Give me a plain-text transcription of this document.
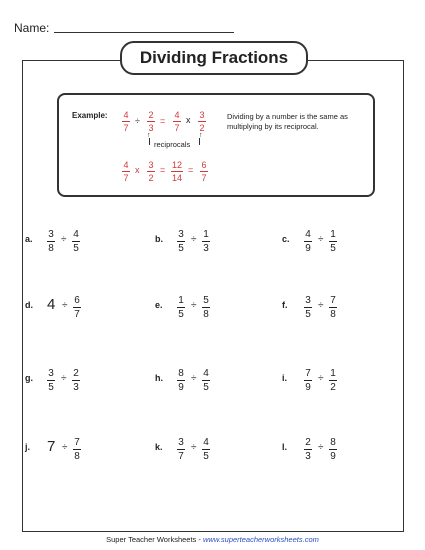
Name:
Dividing Fractions
Example:	Dividing by a number is the same as multiplying by its reciprocal.
$\frac{4}{7} \div \frac{2}{3} = \frac{4}{7}$ x $\frac{3}{2}$
↑	↑
reciprocals
$\frac{4}{7}$ x $\frac{3}{2} = \frac{12}{14} = \frac{6}{7}$
a. $\frac{3}{8} \div \frac{4}{5}$	b. $\frac{3}{5} \div \frac{1}{3}$	c. $\frac{4}{9} \div \frac{1}{5}$
d. $4 \div \frac{6}{7}$	e. $\frac{1}{5} \div \frac{5}{8}$	f. $\frac{3}{5} \div \frac{7}{8}$
g. $\frac{3}{5} \div \frac{2}{3}$	h. $\frac{8}{9} \div \frac{4}{5}$	i. $\frac{7}{9} \div \frac{1}{2}$
j. $7 \div \frac{7}{8}$	k. $\frac{3}{7} \div \frac{4}{5}$	l. $\frac{2}{3} \div \frac{8}{9}$
Super Teacher Worksheets - www.superteacherworksheets.com
